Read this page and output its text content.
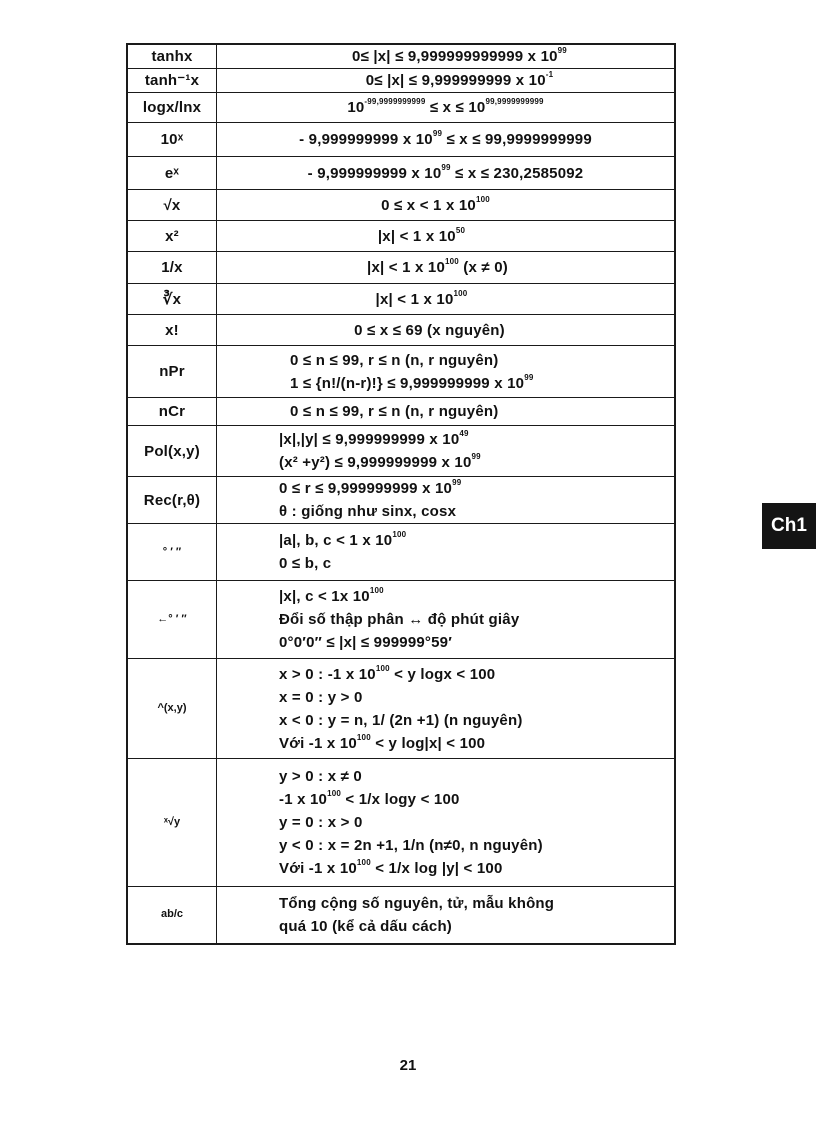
tanhx	0≤ |x| ≤ 9,999999999999 x $10^{99}$

tanh⁻¹x	0≤ |x| ≤ 9,999999999 x $10^{-1}$

logx/lnx	$10^{-99,9999999999} \le x \le 10^{99,9999999999}$

10ˣ	- 9,999999999 x $10^{99} \le x \le 99,9999999999$

eˣ	- 9,999999999 x $10^{99} \le x \le 230,2585092$

√x	0 ≤ x < 1 x $10^{100}$

x²	|x| < 1 x $10^{50}$

1/x	|x| < 1 x $10^{100}$ (x ≠ 0)

∛x	|x| < 1 x $10^{100}$

x!	0 ≤ x ≤ 69 (x nguyên)

nPr	0 ≤ n ≤ 99, r ≤ n (n, r nguyên)
1 ≤ {n!/(n-r)!} ≤ 9,999999999 x $10^{99}$

nCr	0 ≤ n ≤ 99, r ≤ n (n, r nguyên)

Pol(x,y)	|x|,|y| ≤ 9,999999999 x $10^{49}$
(x² +y²) ≤ 9,999999999 x $10^{99}$

Rec(r,θ)	0 ≤ r ≤ 9,999999999 x $10^{99}$
θ : giống như sinx, cosx

° ′ ″	|a|, b, c < 1 x $10^{100}$
0 ≤ b, c

←° ′ ″	|x|, c < 1x $10^{100}$
Đổi số thập phân ↔ độ phút giây
0°0′0″ ≤ |x| ≤ 999999°59′

^(x,y)	x > 0 : -1 x $10^{100} < y$ logx < 100
x = 0 : y > 0
x < 0 : y = n, 1/ (2n +1) (n nguyên)
Với -1 x $10^{100} < y$ log|x| < 100

ˣ√y	y > 0 : x ≠ 0
-1 x $10^{100} < 1/x$ logy < 100
y = 0 : x > 0
y < 0 : x = 2n +1, 1/n (n≠0, n nguyên)
Với -1 x $10^{100} < 1/x$ log |y| < 100

ab/c	Tổng cộng số nguyên, tử, mẫu không
quá 10 (kể cả dấu cách)
Ch1
21
